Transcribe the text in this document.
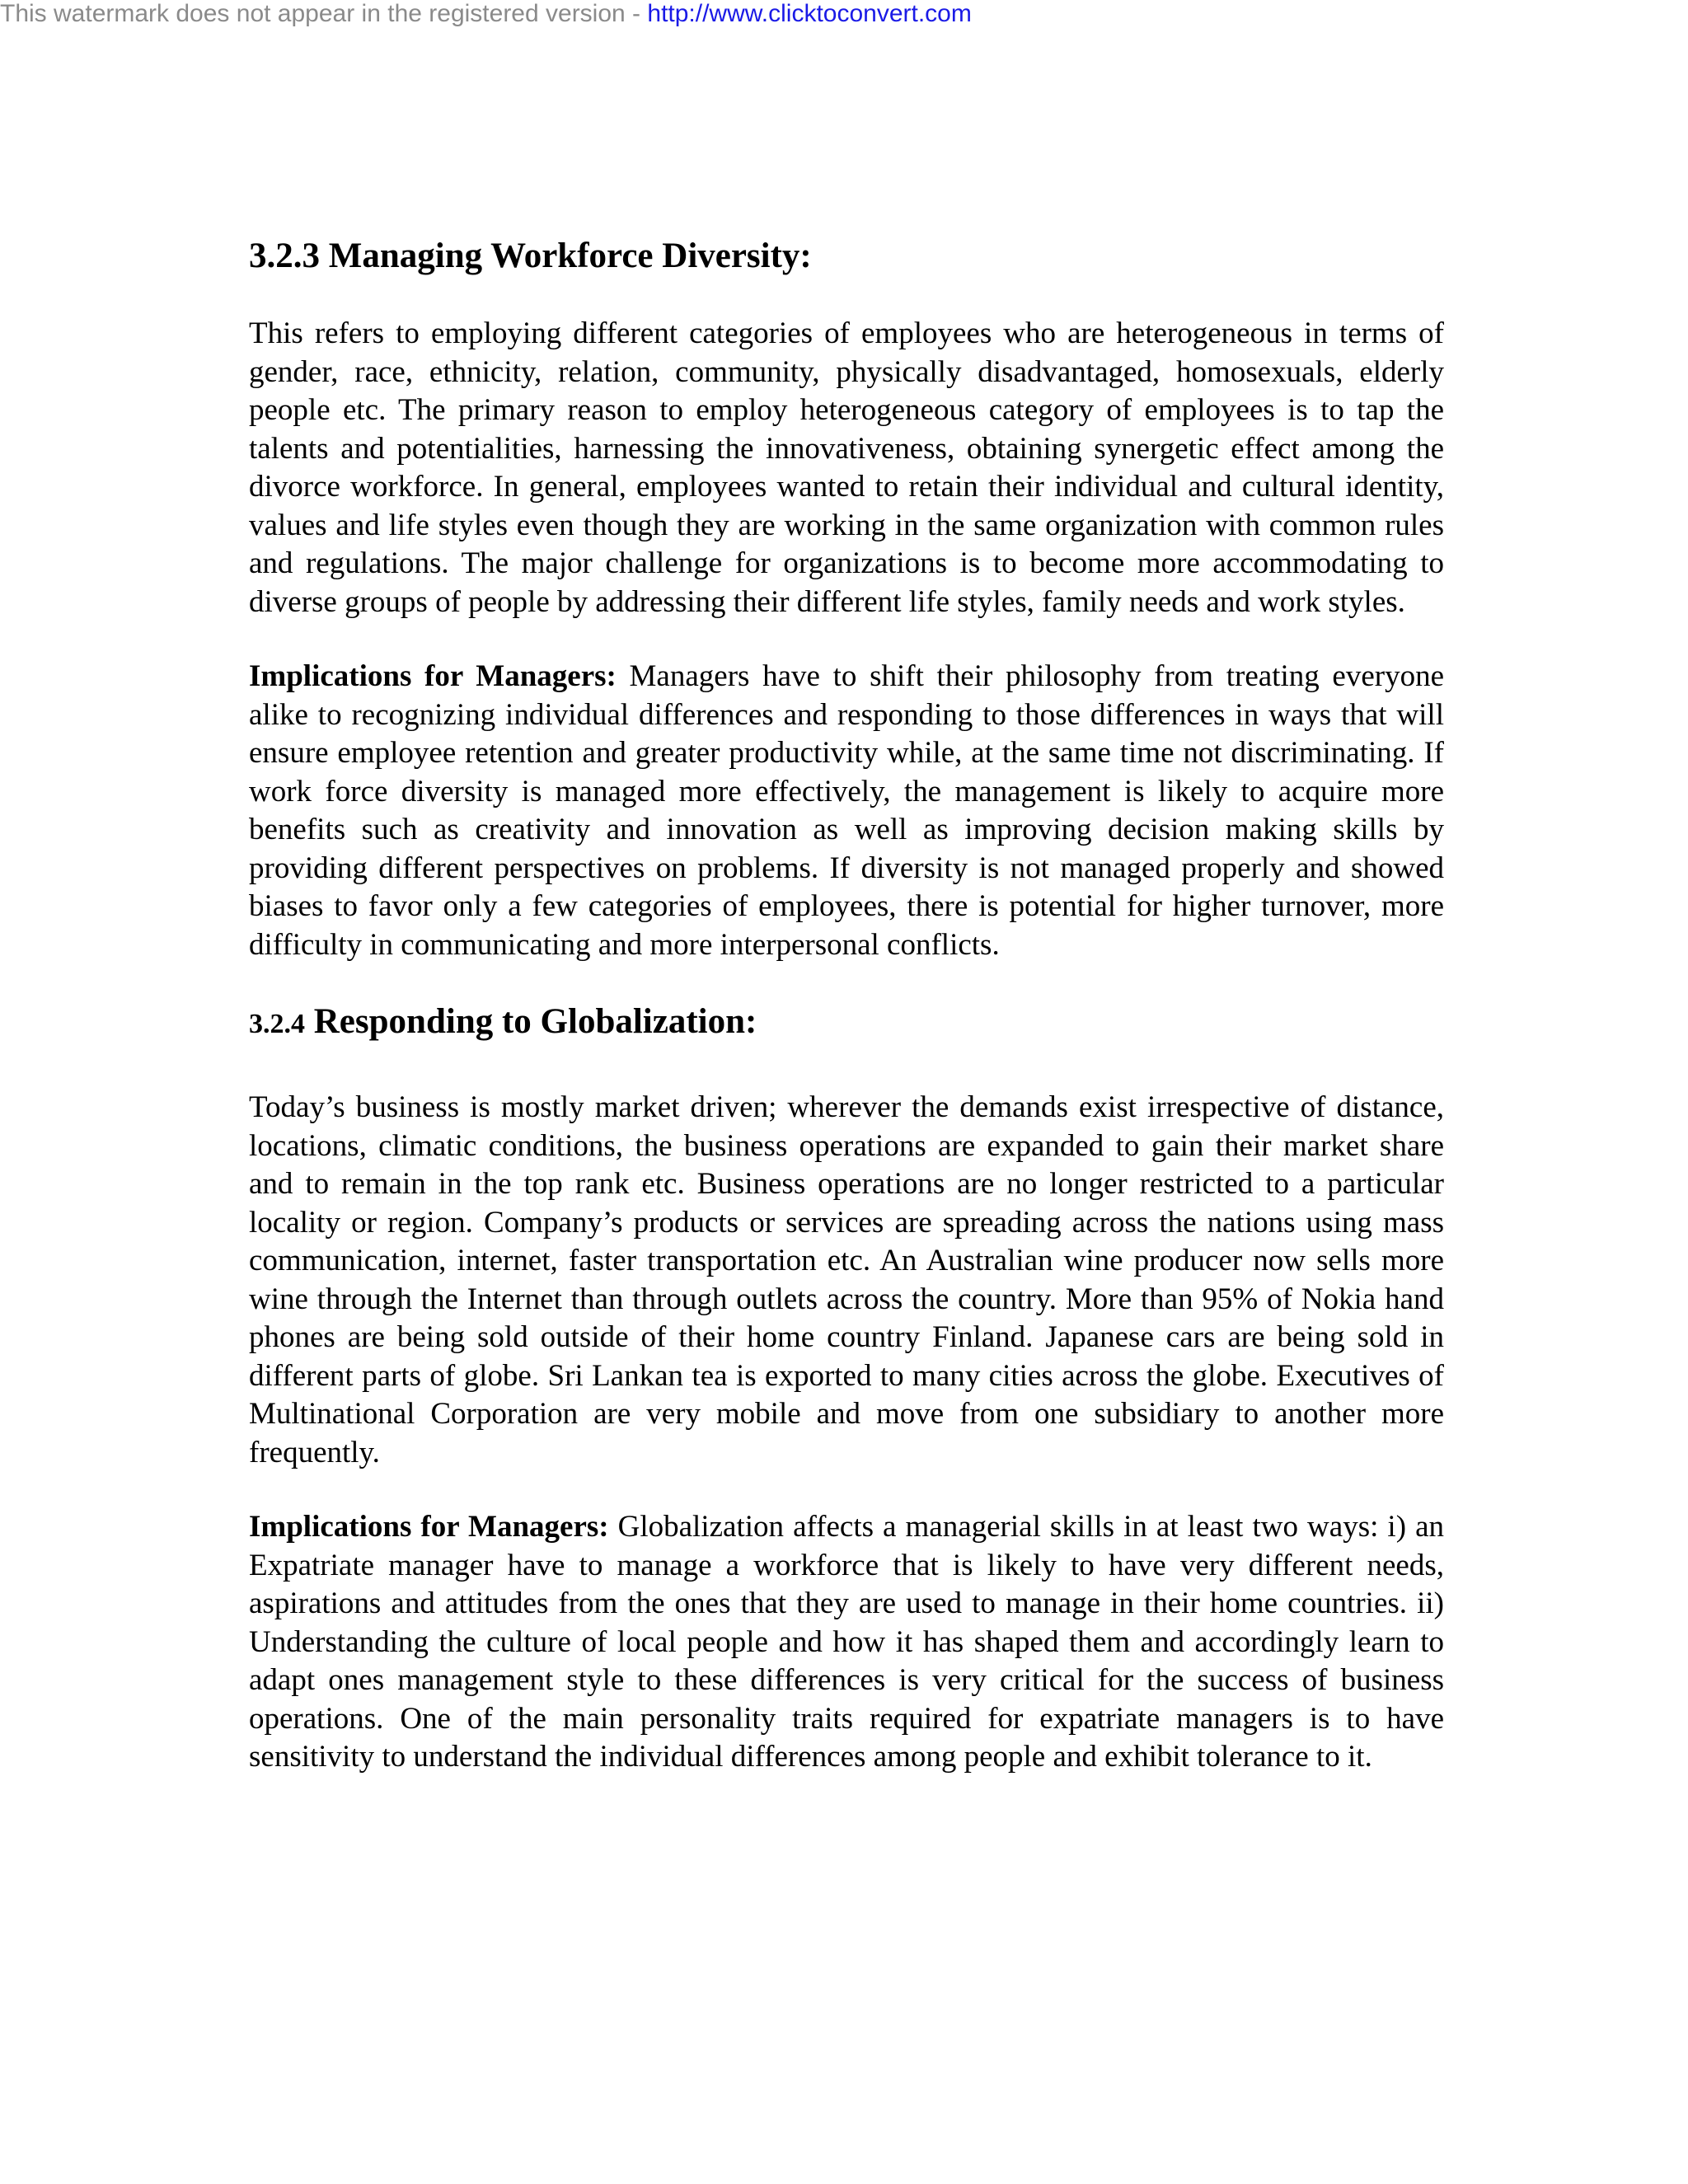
This watermark does not appear in the registered version - http://www.clicktoconvert.com
3.2.3 Managing Workforce Diversity:

This refers to employing different categories of employees who are heterogeneous in terms of gender, race, ethnicity, relation, community, physically disadvantaged, homosexuals, elderly people etc. The primary reason to employ heterogeneous category of employees is to tap the talents and potentialities, harnessing the innovativeness, obtaining synergetic effect among the divorce workforce. In general, employees wanted to retain their individual and cultural identity, values and life styles even though they are working in the same organization with common rules and regulations. The major challenge for organizations is to become more accommodating to diverse groups of people by addressing their different life styles, family needs and work styles.

Implications for Managers: Managers have to shift their philosophy from treating everyone alike to recognizing individual differences and responding to those differences in ways that will ensure employee retention and greater productivity while, at the same time not discriminating. If work force diversity is managed more effectively, the management is likely to acquire more benefits such as creativity and innovation as well as improving decision making skills by providing different perspectives on problems. If diversity is not managed properly and showed biases to favor only a few categories of employees, there is potential for higher turnover, more difficulty in communicating and more interpersonal conflicts.

3.2.4 Responding to Globalization:

Today’s business is mostly market driven; wherever the demands exist irrespective of distance, locations, climatic conditions, the business operations are expanded to gain their market share and to remain in the top rank etc. Business operations are no longer restricted to a particular locality or region. Company’s products or services are spreading across the nations using mass communication, internet, faster transportation etc. An Australian wine producer now sells more wine through the Internet than through outlets across the country. More than 95% of Nokia hand phones are being sold outside of their home country Finland. Japanese cars are being sold in different parts of globe. Sri Lankan tea is exported to many cities across the globe. Executives of Multinational Corporation are very mobile and move from one subsidiary to another more frequently.

Implications for Managers: Globalization affects a managerial skills in at least two ways: i) an Expatriate manager have to manage a workforce that is likely to have very different needs, aspirations and attitudes from the ones that they are used to manage in their home countries. ii) Understanding the culture of local people and how it has shaped them and accordingly learn to adapt ones management style to these differences is very critical for the success of business operations. One of the main personality traits required for expatriate managers is to have sensitivity to understand the individual differences among people and exhibit tolerance to it.
